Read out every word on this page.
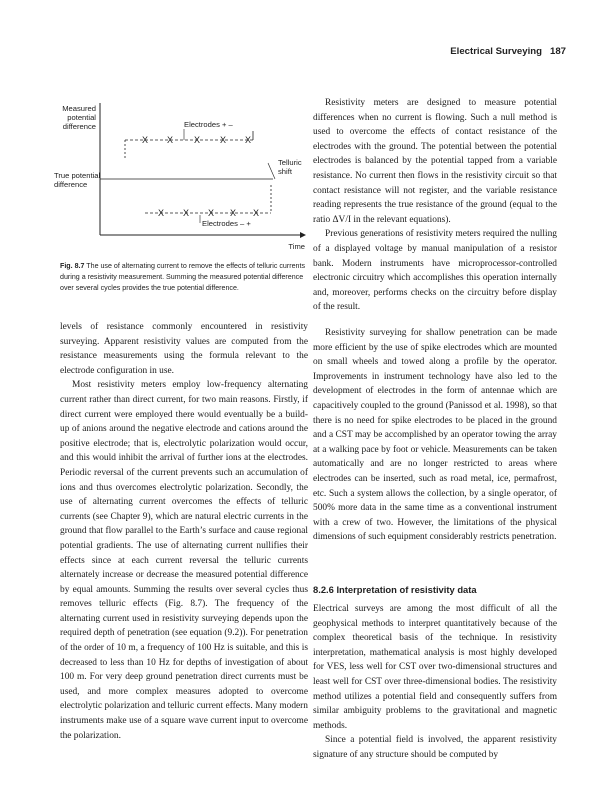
Electrical Surveying 187
Measured potential difference
True potential difference
X X X X X
Electrodes + –
X X X X X
Electrodes – +
Telluric shift
Time
Fig. 8.7 The use of alternating current to remove the effects of telluric currents during a resistivity measurement. Summing the measured potential difference over several cycles provides the true potential difference.

levels of resistance commonly encountered in resistivity surveying. Apparent resistivity values are computed from the resistance measurements using the formula relevant to the electrode configuration in use.

Most resistivity meters employ low-frequency alternating current rather than direct current, for two main reasons. Firstly, if direct current were employed there would eventually be a build-up of anions around the negative electrode and cations around the positive electrode; that is, electrolytic polarization would occur, and this would inhibit the arrival of further ions at the electrodes. Periodic reversal of the current prevents such an accumulation of ions and thus overcomes electrolytic polarization. Secondly, the use of alternating current overcomes the effects of telluric currents (see Chapter 9), which are natural electric currents in the ground that flow parallel to the Earth’s surface and cause regional potential gradients. The use of alternating current nullifies their effects since at each current reversal the telluric currents alternately increase or decrease the measured potential difference by equal amounts. Summing the results over several cycles thus removes telluric effects (Fig. 8.7). The frequency of the alternating current used in resistivity surveying depends upon the required depth of penetration (see equation (9.2)). For penetration of the order of 10 m, a frequency of 100 Hz is suitable, and this is decreased to less than 10 Hz for depths of investigation of about 100 m. For very deep ground penetration direct currents must be used, and more complex measures adopted to overcome electrolytic polarization and telluric current effects. Many modern instruments make use of a square wave current input to overcome the polarization.

Resistivity meters are designed to measure potential differences when no current is flowing. Such a null method is used to overcome the effects of contact resistance of the electrodes with the ground. The potential between the potential electrodes is balanced by the potential tapped from a variable resistance. No current then flows in the resistivity circuit so that contact resistance will not register, and the variable resistance reading represents the true resistance of the ground (equal to the ratio ΔV/I in the relevant equations).

Previous generations of resistivity meters required the nulling of a displayed voltage by manual manipulation of a resistor bank. Modern instruments have microprocessor-controlled electronic circuitry which accomplishes this operation internally and, moreover, performs checks on the circuitry before display of the result.

Resistivity surveying for shallow penetration can be made more efficient by the use of spike electrodes which are mounted on small wheels and towed along a profile by the operator. Improvements in instrument technology have also led to the development of electrodes in the form of antennae which are capacitively coupled to the ground (Panissod et al. 1998), so that there is no need for spike electrodes to be placed in the ground and a CST may be accomplished by an operator towing the array at a walking pace by foot or vehicle. Measurements can be taken automatically and are no longer restricted to areas where electrodes can be inserted, such as road metal, ice, permafrost, etc. Such a system allows the collection, by a single operator, of 500% more data in the same time as a conventional instrument with a crew of two. However, the limitations of the physical dimensions of such equipment considerably restricts penetration.

8.2.6 Interpretation of resistivity data

Electrical surveys are among the most difficult of all the geophysical methods to interpret quantitatively because of the complex theoretical basis of the technique. In resistivity interpretation, mathematical analysis is most highly developed for VES, less well for CST over two-dimensional structures and least well for CST over three-dimensional bodies. The resistivity method utilizes a potential field and consequently suffers from similar ambiguity problems to the gravitational and magnetic methods.

Since a potential field is involved, the apparent resistivity signature of any structure should be computed by
